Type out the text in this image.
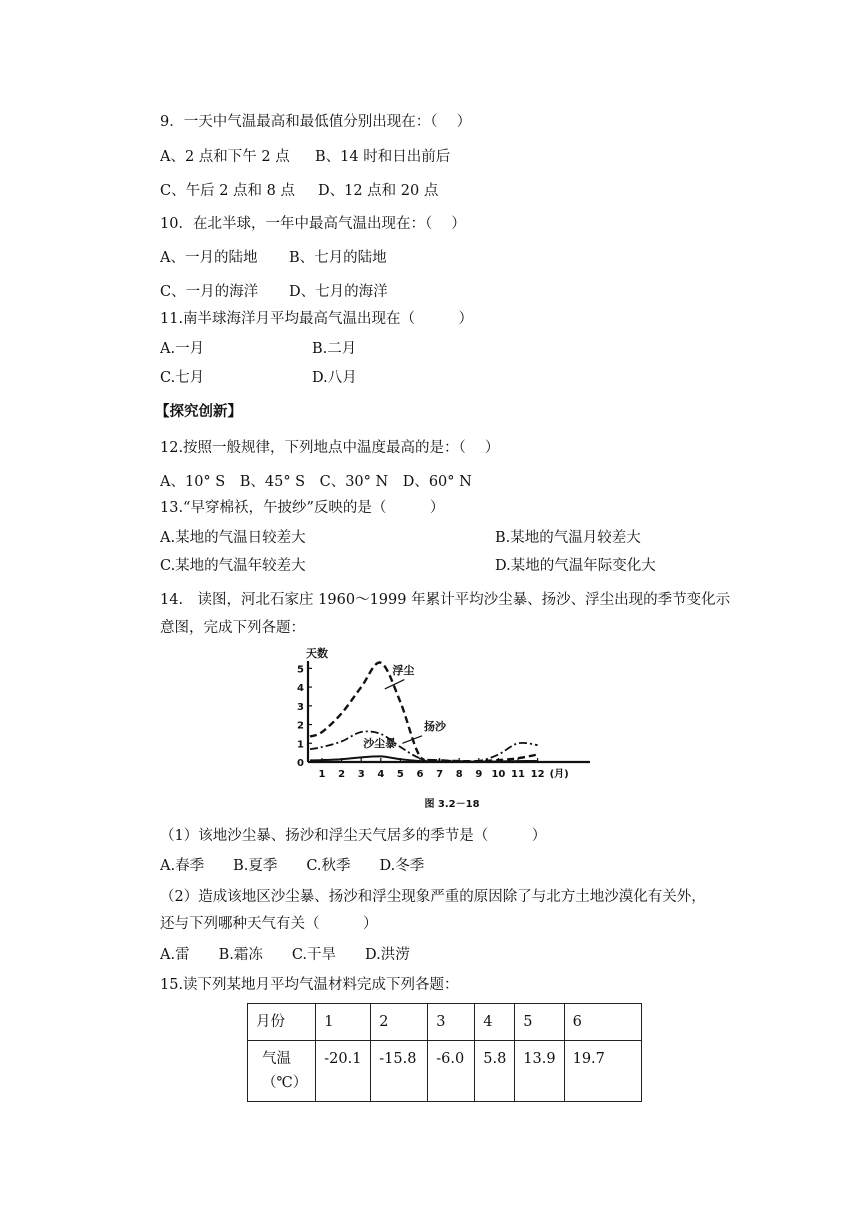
9．一天中气温最高和最低值分别出现在：（　 ）
A、2 点和下午 2 点 B、14 时和日出前后
C、午后 2 点和 8 点 D、12 点和 20 点
10．在北半球，一年中最高气温出现在：（　 ）
A、一月的陆地 B、七月的陆地
C、一月的海洋 D、七月的海洋
11.南半球海洋月平均最高气温出现在（　　　）
A.一月	B.二月
C.七月	D.八月
【探究创新】
12.按照一般规律，下列地点中温度最高的是：（　 ）
A、10° S　B、45° S　C、30° N　D、60° N
13.“早穿棉袄，午披纱”反映的是（　　　）
A.某地的气温日较差大	B.某地的气温月较差大
C.某地的气温年较差大	D.某地的气温年际变化大
14.　读图，河北石家庄 1960～1999 年累计平均沙尘暴、扬沙、浮尘出现的季节变化示
意图，完成下列各题：
0
1
2
3
4
5
1 2 3 4 5 6 7 8 9 10 11 12
天数
(月)
图 3.2－18
浮尘
扬沙
沙尘暴
（1）该地沙尘暴、扬沙和浮尘天气居多的季节是（　　　）
A.春季　　B.夏季　　C.秋季　　D.冬季
（2）造成该地区沙尘暴、扬沙和浮尘现象严重的原因除了与北方土地沙漠化有关外，
还与下列哪种天气有关（　　　）
A.雷　　B.霜冻　　C.干旱　　D.洪涝
15.读下列某地月平均气温材料完成下列各题：
月份	1	2	3	4	5	6

气温
（℃）	-20.1	-15.8	-6.0	5.8	13.9	19.7
